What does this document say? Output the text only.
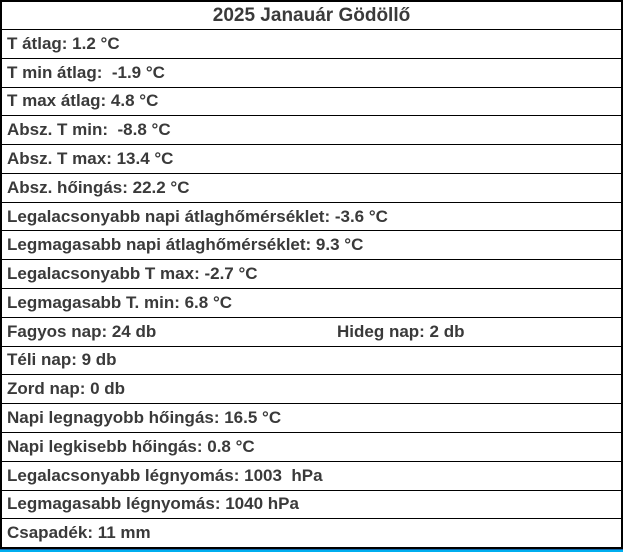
2025 Janauár Gödöllő
T átlag: 1.2 °C
T min átlag:  -1.9 °C
T max átlag: 4.8 °C
Absz. T min:  -8.8 °C
Absz. T max: 13.4 °C
Absz. hőingás: 22.2 °C
Legalacsonyabb napi átlaghőmérséklet: -3.6 °C
Legmagasabb napi átlaghőmérséklet: 9.3 °C
Legalacsonyabb T max: -2.7 °C
Legmagasabb T. min: 6.8 °C
Fagyos nap: 24 db	Hideg nap: 2 db
Téli nap: 9 db
Zord nap: 0 db
Napi legnagyobb hőingás: 16.5 °C
Napi legkisebb hőingás: 0.8 °C
Legalacsonyabb légnyomás: 1003  hPa
Legmagasabb légnyomás: 1040 hPa
Csapadék: 11 mm
